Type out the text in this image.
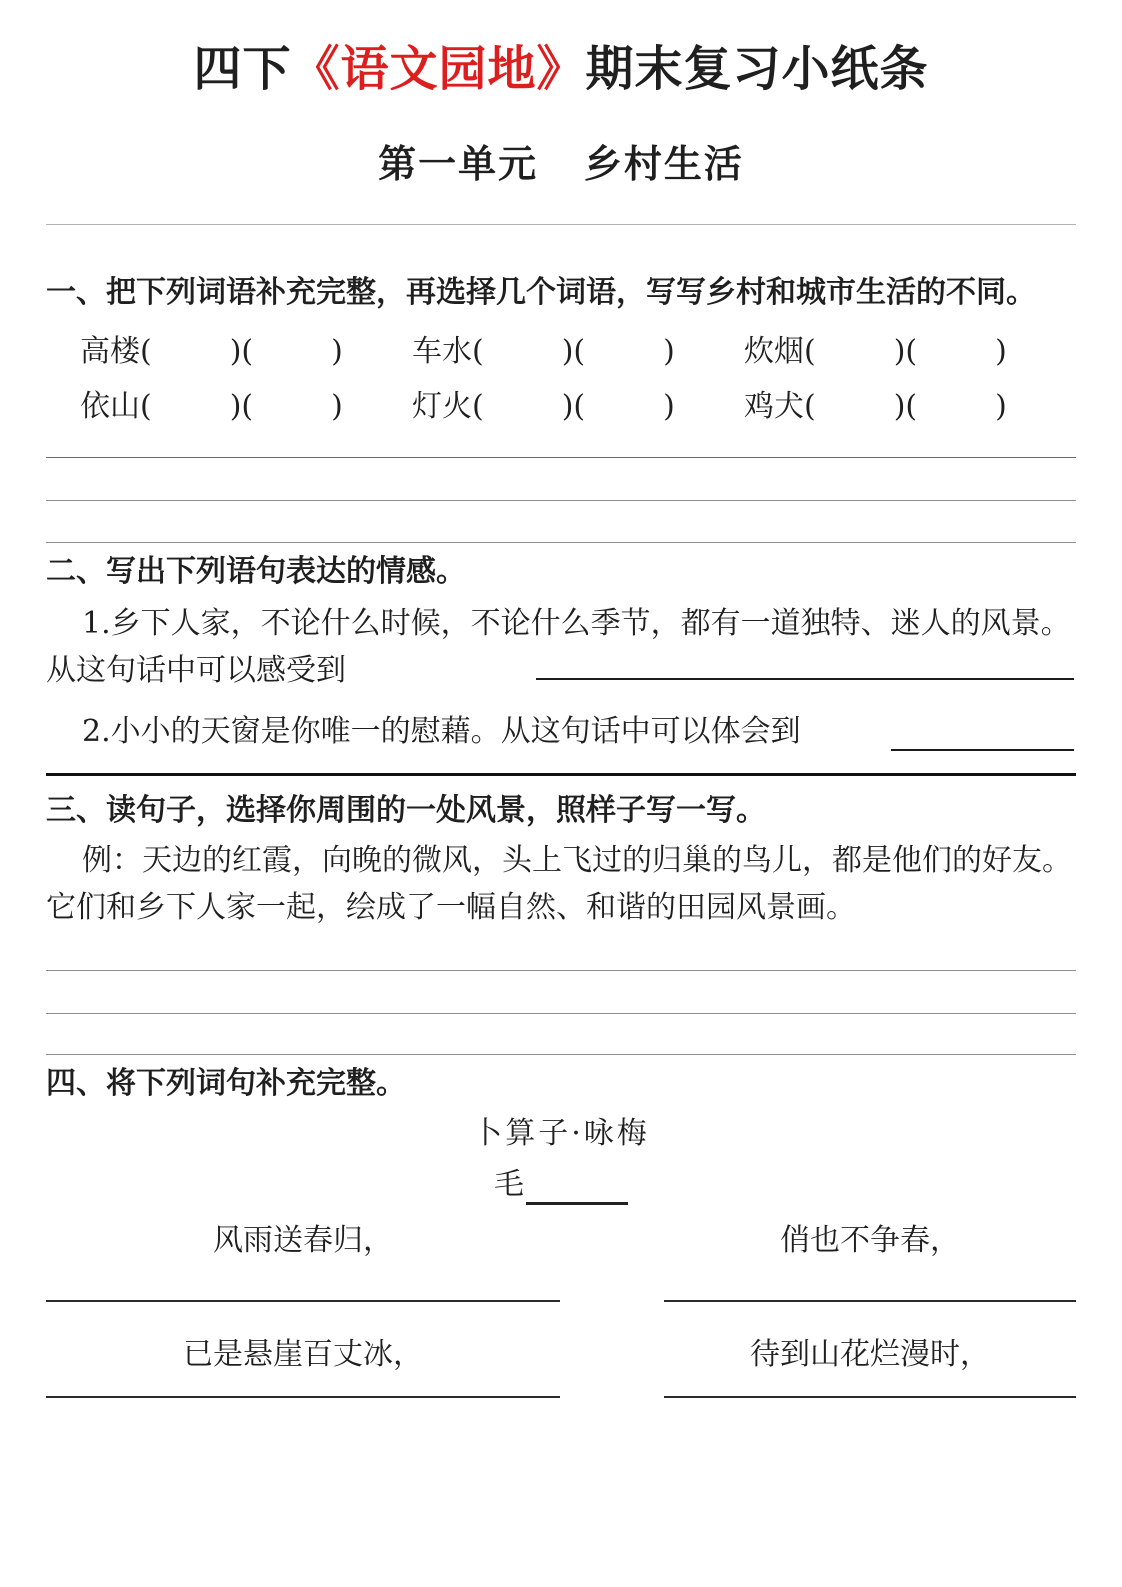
四下《语文园地》期末复习小纸条
第一单元   乡村生活

一、把下列词语补充完整，再选择几个词语，写写乡村和城市生活的不同。

高楼 (	)(	) 车水 (	)(	) 炊烟 (	)(	)
依山 (	)(	) 灯火 (	)(	) 鸡犬 (	)(	)

二、写出下列语句表达的情感。

1.乡下人家，不论什么时候，不论什么季节，都有一道独特、迷人的风景。从这句话中可以感受到

2.小小的天窗是你唯一的慰藉。从这句话中可以体会到

三、读句子，选择你周围的一处风景，照样子写一写。

例：天边的红霞，向晚的微风，头上飞过的归巢的鸟儿，都是他们的好友。它们和乡下人家一起，绘成了一幅自然、和谐的田园风景画。

四、将下列词句补充完整。

卜算子·咏梅

毛

风雨送春归，
已是悬崖百丈冰，
俏也不争春，
待到山花烂漫时，
